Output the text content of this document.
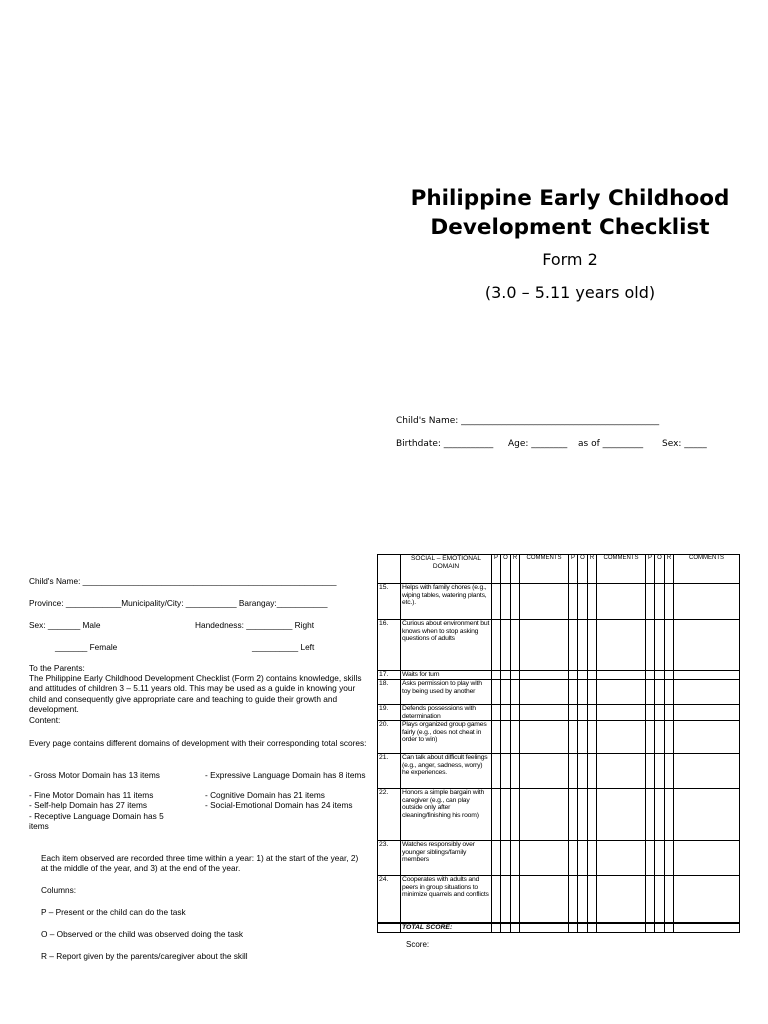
Philippine Early Childhood
Development Checklist
Form 2
(3.0 – 5.11 years old)
Child's Name: ____________________________________________
Birthdate: ___________ Age: ________ as of _________ Sex: _____
Child's Name: _______________________________________________________
Province: ____________Municipality/City: ___________ Barangay:___________
Sex: _______ Male	Handedness: __________ Right
_______ Female	__________ Left
To the Parents:
The Philippine Early Childhood Development Checklist (Form 2) contains knowledge, skills and attitudes of children 3 – 5.11 years old. This may be used as a guide in knowing your child and consequently give appropriate care and teaching to guide their growth and development.
Content:
Every page contains different domains of development with their corresponding total scores:
- Gross Motor Domain has 13 items	- Expressive Language Domain has 8 items
- Fine Motor Domain has 11 items	- Cognitive Domain has 21 items
- Self-help Domain has 27 items	- Social-Emotional Domain has 24 items
- Receptive Language Domain has 5 items
Each item observed are recorded three time within a year: 1) at the start of the year, 2) at the middle of the year, and 3) at the end of the year.
Columns:
P – Present or the child can do the task
O – Observed or the child was observed doing the task
R – Report given by the parents/caregiver about the skill
	SOCIAL – EMOTIONAL DOMAIN	P	O	R	COMMENTS	P	O	R	COMMENTS	P	O	R	COMMENTS
15.	Helps with family chores (e.g., wiping tables, watering plants, etc.).												
16.	Curious about environment but knows when to stop asking questions of adults												
17.	Waits for turn												
18.	Asks permission to play with toy being used by another												
19.	Defends possessions with determination												
20.	Plays organized group games fairly (e.g., does not cheat in order to win)												
21.	Can talk about difficult feelings (e.g., anger, sadness, worry) he experiences.												
22.	Honors a simple bargain with caregiver (e.g., can play outside only after cleaning/finishing his room)												
23.	Watches responsibly over younger siblings/family members												
24.	Cooperates with adults and peers in group situations to minimize quarrels and conflicts												
	TOTAL SCORE:												
Score:
